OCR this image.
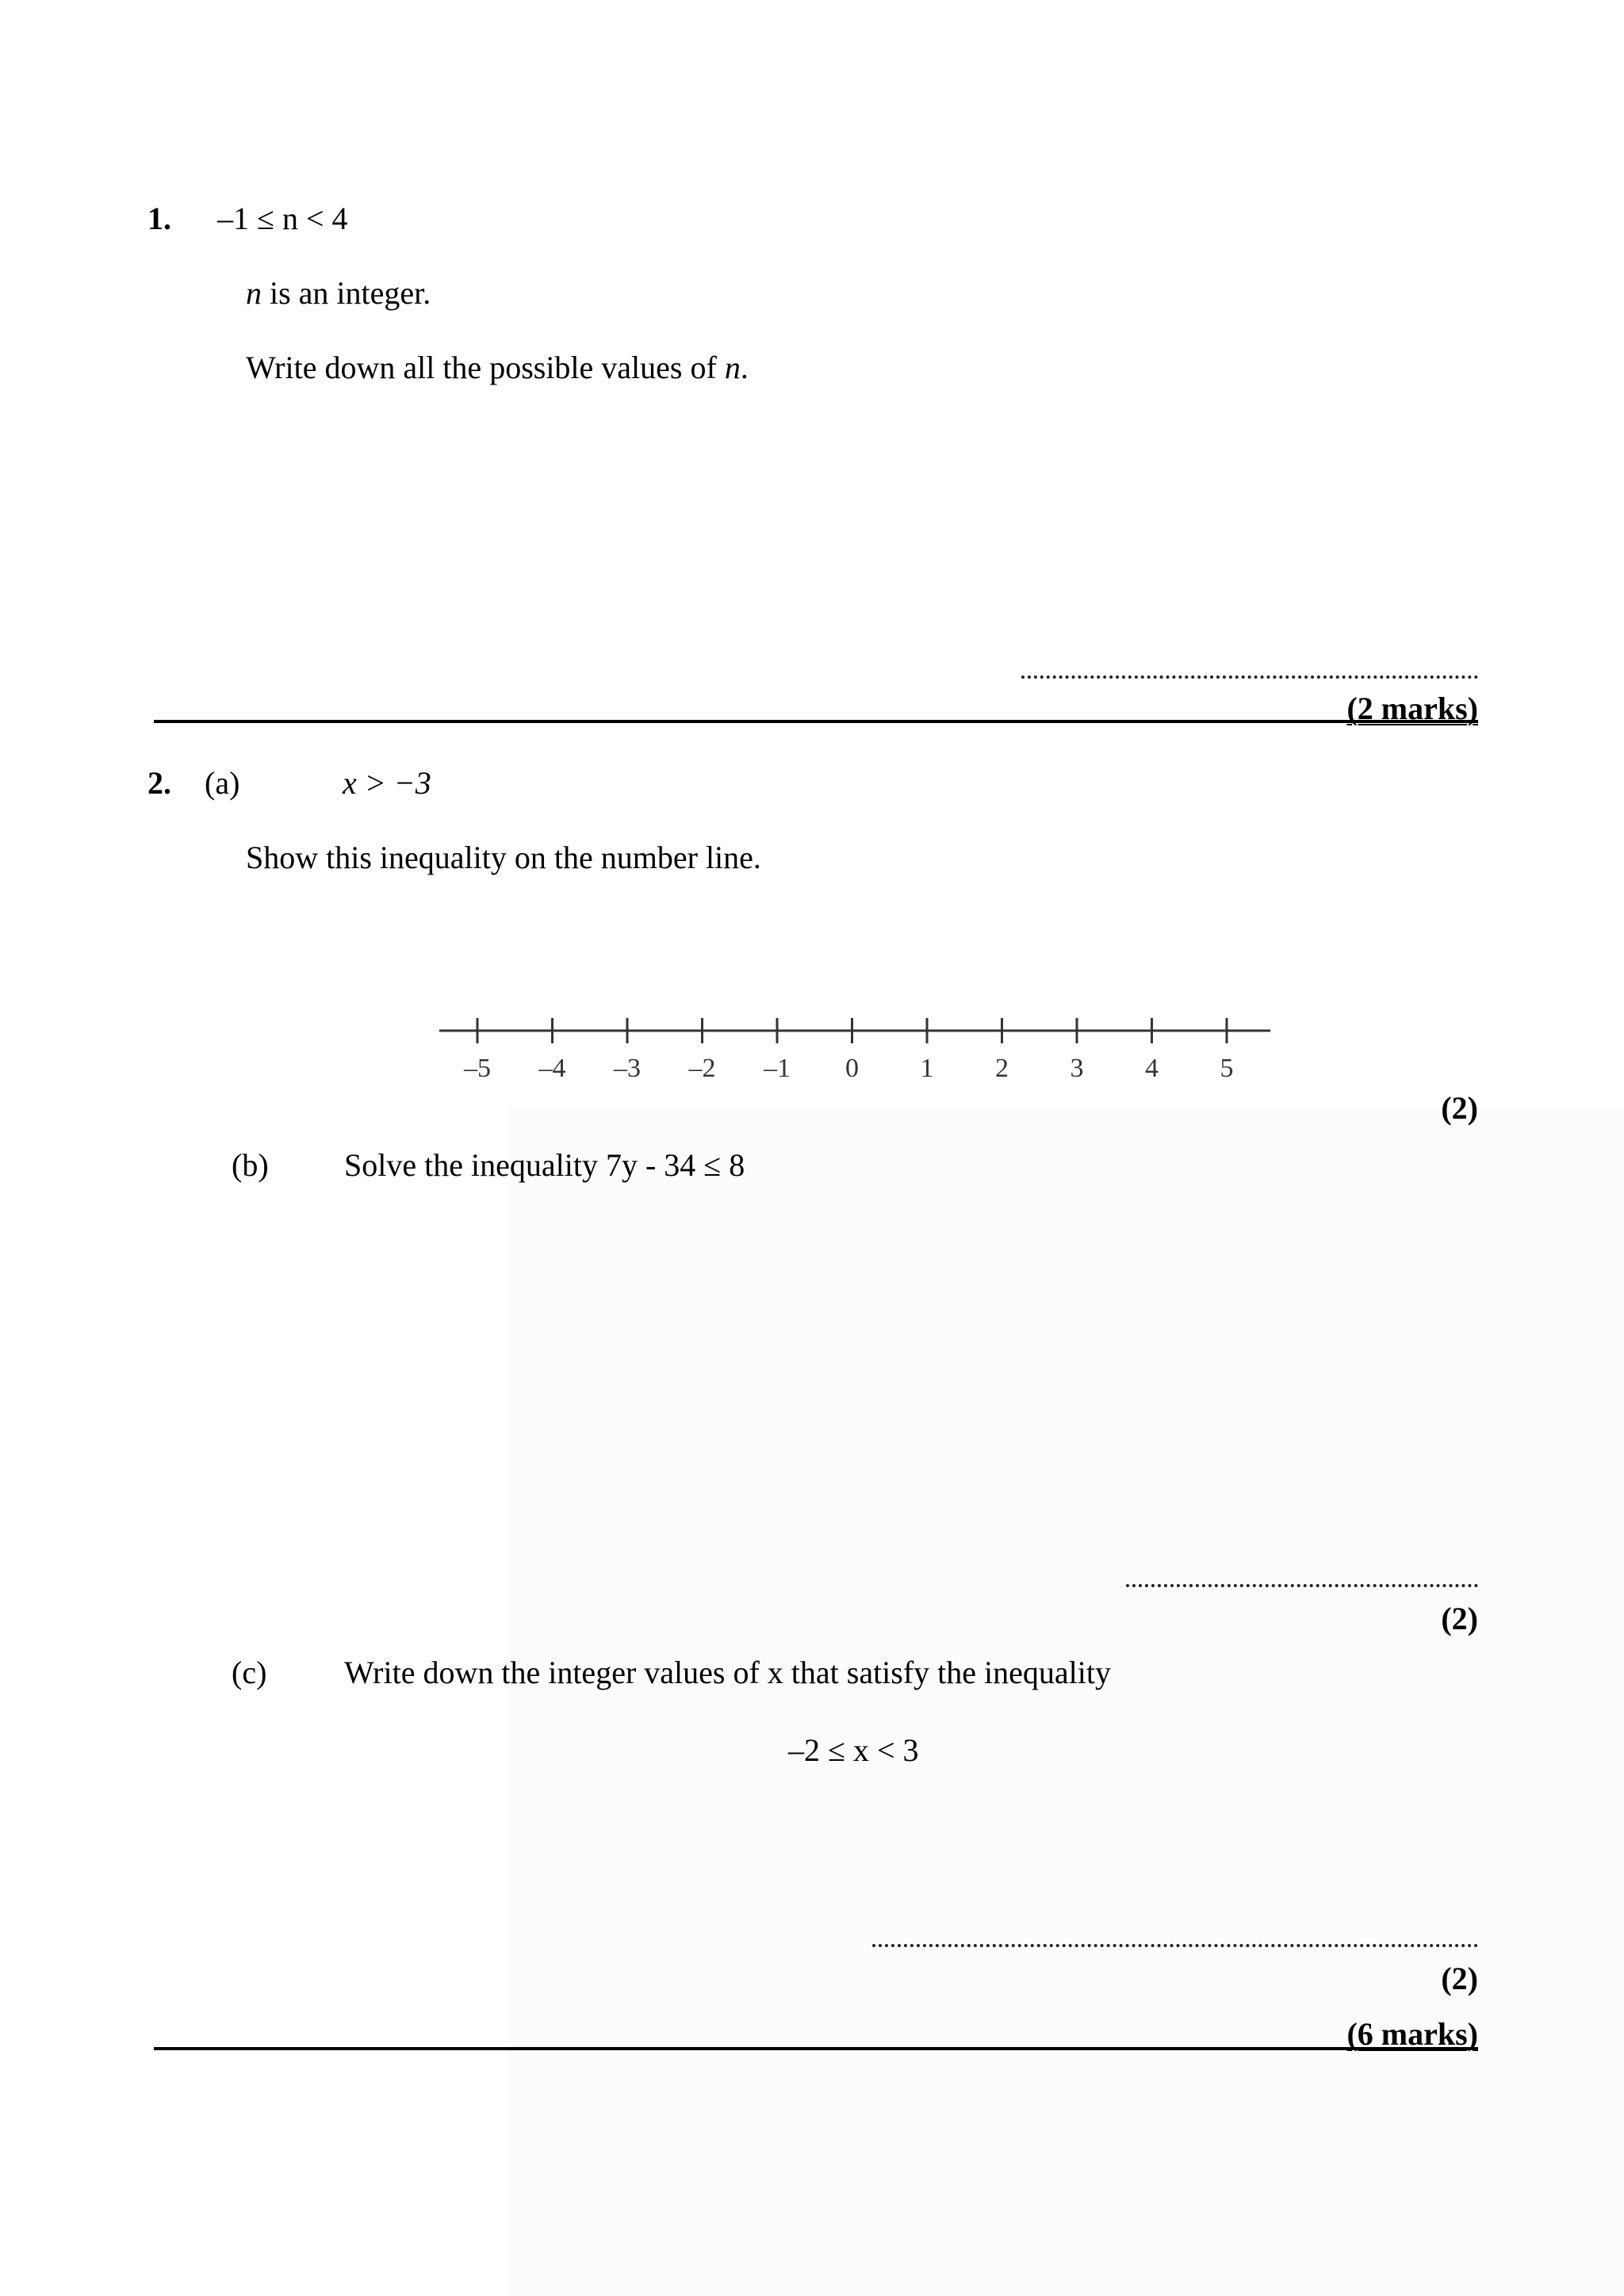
1. –1 ≤ n < 4
n is an integer.
Write down all the possible values of n.
(2 marks)
2. (a)	x > −3
Show this inequality on the number line.
–5 –4 –3 –2 –1 0 1 2 3 4 5
(2)
(b) Solve the inequality 7y - 34 ≤ 8
(2)
(c) Write down the integer values of x that satisfy the inequality
–2 ≤ x < 3
(2)
(6 marks)
